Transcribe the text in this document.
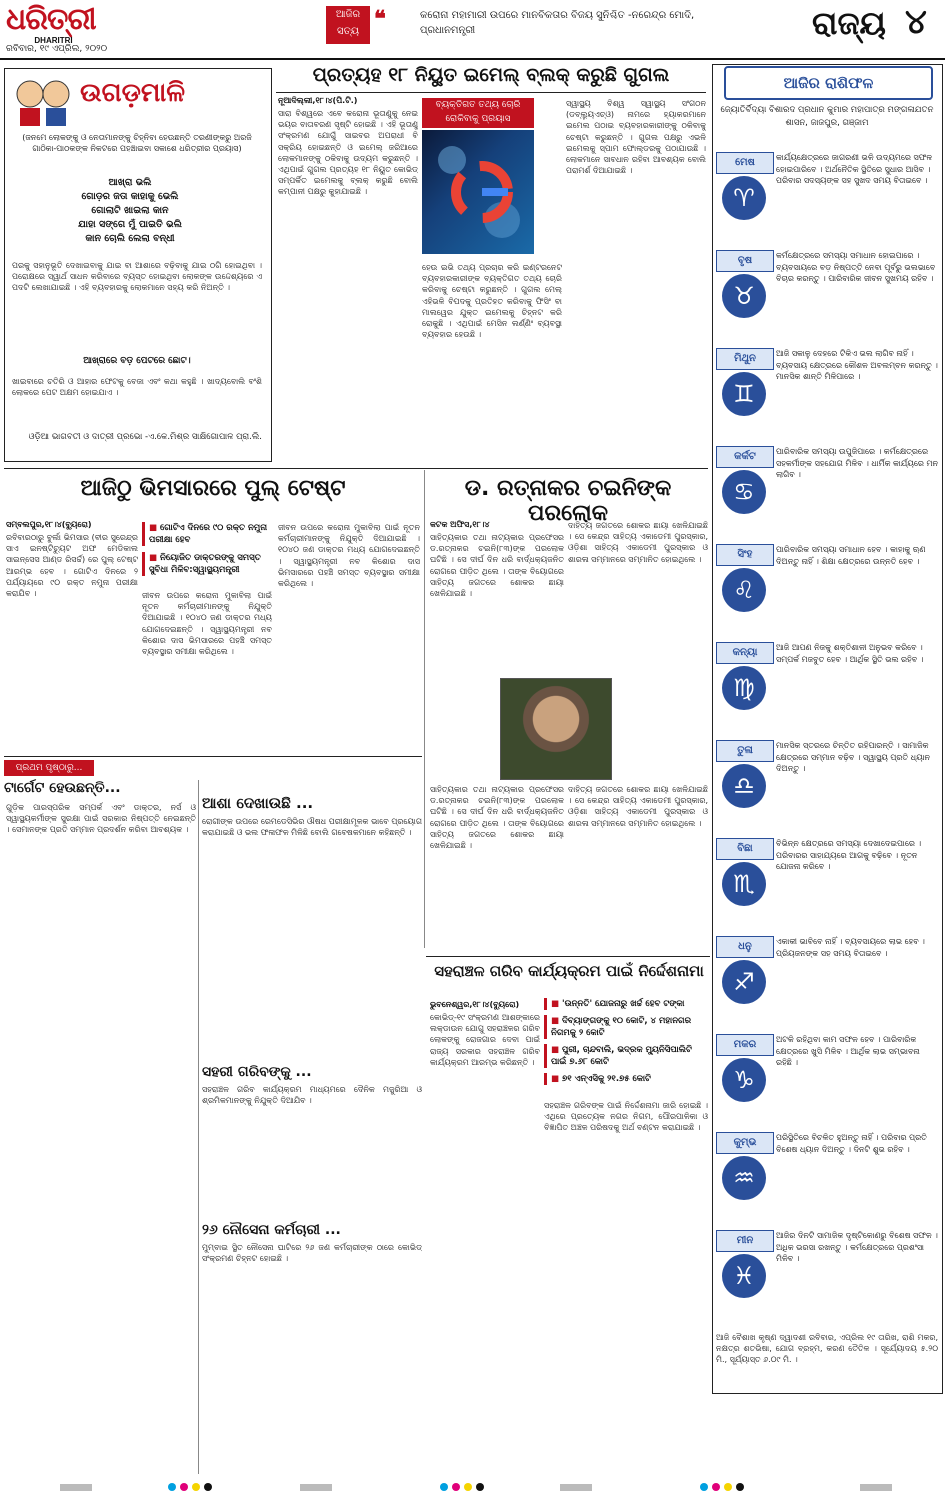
ଧରିତ୍ରୀ
DHARITRI
ରବିବାର, ୧୯ ଏପ୍ରିଲ, ୨୦୨୦
ଆଜିର ସତ୍ୟ ❝	କରୋନା ମହାମାରୀ ଉପରେ ମାନବିକତାର ବିଜୟ ସୁନିଶ୍ଚିତ -ନରେନ୍ଦ୍ର ମୋଦି, ପ୍ରଧାନମନ୍ତ୍ରୀ	ରାଜ୍ୟ ୪
ଉଗଡ଼ମାଳି
(ଜନମେ ଲୋକଙ୍କୁ ଓ ନେତାମାନଙ୍କୁ ଚିହ୍ନିବା ହେଉଛନ୍ତି ତରଣୀଙ୍କରୁ ଅରଜି ଗାଠିକା-ପାଠକଙ୍କ ନିକଟରେ ପହଞ୍ଚାଇବା ସକାଶେ ଧରିତ୍ରୀର ପ୍ରୟାସ)
ଆଖ୍ରା ଭଲି
ଗୋଡ଼ର ଜତା କାହାକୁ ଭେଲି
ଗୋଲାଟି ଖାଇଲା କାନ
ଯାହା ସଙ୍ଗେ ମୁଁ ପାଇତି ଭଲି
କାନ ଚୋଲି ଲେଲା ବନ୍ଧୀ
ପରକୁ ସହାନୁଭୂତି ଦେଖାଇବାକୁ ଯାଇ ବା ଆଶାରେ ବଢ଼ିବାକୁ ଯାଇ ଠଗି ହୋଇଥିବା । ପରୋକ୍ଷରେ ସ୍ୱାର୍ଥ ସାଧନ କରିବାରେ ବ୍ୟସ୍ତ ହୋଇଥିବା ଲୋକଙ୍କ ଉଦ୍ଦେଶ୍ୟରେ ଏ ପଦଟି ଲେଖାଯାଇଛି । ଏହି ବ୍ୟବହାରକୁ ଲୋକମାନେ ସହ୍ୟ କରି ନିଅନ୍ତି ।
ଆଖ୍ରାରେ ବଡ଼ ପେଟରେ ଛୋଟ।
ଖାଇବାରେ ଚତିରି ଓ ଆହାର ଫେଟକୁ ବେଜା ଏବଂ କଥା କହୁଛି । ଖାଦ୍ୟବୋଲି ବଂଶି ଲୋକରେ ପେଟ ଅକ୍ଷମ ହୋଇଯାଏ ।
ଓଡ଼ିଆ ଭାଗବତୀ ଓ ଦାତ୍ରୀ ପ୍ରଭୋ -ଏ.କେ.ମିଶ୍ର ସାକ୍ଷିଗୋପାଳ ପ୍ରା.ଲି.
ପ୍ରତ୍ୟହ ୧୮ ନିୟୁତ ଇମେଲ୍ ବ୍ଲକ୍ କରୁଛି ଗୁଗଲ
ନୂଆଦିଲ୍ଲୀ,୧୮।୪(ପି.ଟି.)
ସାରା ବିଶ୍ୱରେ ଏବେ କରୋନା ଭୂତାଣୁକୁ ନେଇ ଭୟର ବାତାବରଣ ସୃଷ୍ଟି ହୋଇଛି । ଏହି ଭୂତାଣୁ ସଂକ୍ରମଣ ଯୋଗୁଁ ସାଇବର ଅପରାଧୀ ବି ସକ୍ରିୟ ହୋଇଛନ୍ତି ଓ ଇମେଲ୍ ଜରିଆରେ ଲୋକମାନଙ୍କୁ ଠକିବାକୁ ଉଦ୍ୟମ କରୁଛନ୍ତି । ଏଥିପାଇଁ ଗୁଗଲ ପ୍ରତ୍ୟହ ୧୮ ନିୟୁତ କୋଭିଡ୍ ସମ୍ପର୍କିତ ଇମେଲକୁ ବ୍ଲକ୍ କରୁଛି ବୋଲି କମ୍ପାନୀ ପକ୍ଷରୁ କୁହାଯାଇଛି ।
ବ୍ୟକ୍ତିଗତ ତଥ୍ୟ ଚୋରି ରୋକିବାକୁ ପ୍ରୟାସ
ହେଉ ଇଭି ତଥ୍ୟ ପ୍ରଚାର କରି ଇଣ୍ଟରନେଟ ବ୍ୟବହାରକାରୀଙ୍କ ବ୍ୟକ୍ତିଗତ ତଥ୍ୟ ଚୋରି କରିବାକୁ ଚେଷ୍ଟା କରୁଛନ୍ତି । ଗୁଗଲ ମେଲ୍ ଏହିଭଳି ବିପଦକୁ ପ୍ରତିହତ କରିବାକୁ ଫିସିଂ ବା ମାଲୱେର ଯୁକ୍ତ ଇମେଲକୁ ଚିହ୍ନଟ କରି ରୋକୁଛି । ଏଥିପାଇଁ ମେସିନ ଲର୍ଣ୍ଣିଂ ବ୍ୟବସ୍ଥା ବ୍ୟବହାର ହେଉଛି ।
ସ୍ୱାସ୍ଥ୍ୟ ବିଶ୍ୱ ସ୍ୱାସ୍ଥ୍ୟ ସଂଗଠନ (ଡବ୍ଲ୍ୟୁଏଚ୍ଓ) ନାମରେ ହ୍ୟାକରମାନେ ଇମେଲ ପଠାଇ ବ୍ୟବହାରକାରୀଙ୍କୁ ଠକିବାକୁ ଚେଷ୍ଟା କରୁଛନ୍ତି । ଗୁଗଲ ପକ୍ଷରୁ ଏଭଳି ଇମେଲକୁ ସ୍ପାମ ଫୋଲ୍ଡରକୁ ପଠାଯାଉଛି । ଲୋକମାନେ ସାବଧାନ ରହିବା ଆବଶ୍ୟକ ବୋଲି ପରାମର୍ଶ ଦିଆଯାଇଛି ।
ଆଜିର ରାଶିଫଳ
ଜ୍ୟୋତିର୍ବିଦ୍ୟା ବିଶାରଦ ପ୍ରଧାନ କୁମାର ମହାପାତ୍ର ମଙ୍ଗଳାଯତନ ଶାସନ, ଜାଜପୁର, ଗଞ୍ଜାମ
ମେଷ
♈
କାର୍ଯ୍ୟକ୍ଷେତ୍ରରେ ଜାଗରଣୀ ଭଳି ଉଦ୍ୟମରେ ସଫଳ ହୋଇପାରିବେ । ଅର୍ଥନୈତିକ ସ୍ଥିତିରେ ସୁଧାର ଆସିବ । ପରିବାର ସଦସ୍ୟଙ୍କ ସହ ସୁଖଦ ସମୟ ବିତାଇବେ ।
ବୃଷ
♉
କର୍ମକ୍ଷେତ୍ରରେ ସମସ୍ୟା ସମାଧାନ ହୋଇପାରେ । ବ୍ୟବସାୟରେ ବଡ଼ ନିଷ୍ପତ୍ତି ନେବା ପୂର୍ବରୁ ଭଲଭାବେ ବିଚାର କରନ୍ତୁ । ପାରିବାରିକ ଜୀବନ ସୁଖମୟ ରହିବ ।
ମିଥୁନ
♊
ଆଜି ସକାଳୁ ଦେହରେ ଟିକିଏ ଭଲ ଲାଗିବ ନାହିଁ । ବ୍ୟବସାୟ କ୍ଷେତ୍ରରେ କୌଶଳ ଅବଲମ୍ବନ କରନ୍ତୁ । ମାନସିକ ଶାନ୍ତି ମିଳିପାରେ ।
କର୍କଟ
♋
ପାରିବାରିକ ସମସ୍ୟା ଉପୁଜିପାରେ । କର୍ମକ୍ଷେତ୍ରରେ ସହକର୍ମୀଙ୍କ ସହଯୋଗ ମିଳିବ । ଧାର୍ମିକ କାର୍ଯ୍ୟରେ ମନ ଲାଗିବ ।
ସିଂହ
♌
ପାରିବାରିକ ସମସ୍ୟା ସମାଧାନ ହେବ । କାହାକୁ ଋଣ ଦିଅନ୍ତୁ ନାହିଁ । ଶିକ୍ଷା କ୍ଷେତ୍ରରେ ଉନ୍ନତି ହେବ ।
କନ୍ୟା
♍
ଆଜି ଆପଣ ନିଜକୁ ଶକ୍ତିଶାଳୀ ଅନୁଭବ କରିବେ । ସମ୍ପର୍କ ମଜବୁତ ହେବ । ଆର୍ଥିକ ସ୍ଥିତି ଭଲ ରହିବ ।
ତୁଳା
♎
ମାନସିକ ସ୍ତରରେ ଚିନ୍ତିତ ରହିପାରନ୍ତି । ସାମାଜିକ କ୍ଷେତ୍ରରେ ସମ୍ମାନ ବଢ଼ିବ । ସ୍ୱାସ୍ଥ୍ୟ ପ୍ରତି ଧ୍ୟାନ ଦିଅନ୍ତୁ ।
ବିଛା
♏
ବିଭିନ୍ନ କ୍ଷେତ୍ରରେ ସମସ୍ୟା ଦେଖାଦେଇପାରେ । ପରିବାରର ସାହାଯ୍ୟରେ ଆଗକୁ ବଢ଼ିବେ । ନୂତନ ଯୋଜନା କରିବେ ।
ଧନୁ
♐
ଏକାକୀ ଭାବିବେ ନାହିଁ । ବ୍ୟବସାୟରେ ଲାଭ ହେବ । ପ୍ରିୟଜନଙ୍କ ସହ ସମୟ ବିତାଇବେ ।
ମକର
♑
ଅଟକି ରହିଥିବା କାମ ସଫଳ ହେବ । ପାରିବାରିକ କ୍ଷେତ୍ରରେ ଖୁସି ମିଳିବ । ଆର୍ଥିକ ଲାଭ ସମ୍ଭାବନା ରହିଛି ।
କୁମ୍ଭ
♒
ପରିସ୍ଥିତିରେ ବିଚଳିତ ହୁଅନ୍ତୁ ନାହିଁ । ପରିବାର ପ୍ରତି ବିଶେଷ ଧ୍ୟାନ ଦିଅନ୍ତୁ । ଦିନଟି ଶୁଭ ରହିବ ।
ମୀନ
♓
ଆଜିର ଦିନଟି ସାମାଜିକ ଦୃଷ୍ଟିକୋଣରୁ ବିଶେଷ ସଫଳ । ଅଧିକ ଭରସା ରଖନ୍ତୁ । କର୍ମକ୍ଷେତ୍ରରେ ପ୍ରଶଂସା ମିଳିବ ।
ଆଜି ବୈଶାଖ କୃଷ୍ଣ ଦ୍ୱାଦଶୀ ରବିବାର, ଏପ୍ରିଲ ୧୯ ତାରିଖ, ରାଶି ମକର, ନକ୍ଷତ୍ର ଶତଭିଷା, ଯୋଗ ବ୍ରହ୍ମ, କରଣ ତୈତିଳ । ସୂର୍ଯ୍ୟୋଦୟ ୫.୨୦ ମି., ସୂର୍ଯ୍ୟାସ୍ତ ୬.୦୯ ମି. ।
ଆଜିଠୁ ଭିମସାରରେ ପୁଲ୍ ଟେଷ୍ଟ
ସମ୍ବଲପୁର,୧୮।୪(ବ୍ୟୁରୋ)
ରବିବାରଠାରୁ ବୁର୍ଲା ଭିମସାର (ବୀର ସୁରେନ୍ଦ୍ର ସାଏ ଇନଷ୍ଟିଚ୍ୟୁଟ ଅଫ ମେଡିକାଲ ସାଇନ୍ସେସ ଆଣ୍ଡ ରିସର୍ଚ୍ଚ) ରେ ପୁଲ୍ ଟେଷ୍ଟ ଆରମ୍ଭ ହେବ । ଗୋଟିଏ ଦିନରେ ୨ ପର୍ଯ୍ୟାୟରେ ୯୦ ରକ୍ତ ନମୁନା ପରୀକ୍ଷା କରାଯିବ ।
■ ଗୋଟିଏ ଦିନରେ ୯୦ ରକ୍ତ ନମୁନା ପରୀକ୍ଷା ହେବ
■ ନିୟୋଜିତ ଡାକ୍ତରଙ୍କୁ ସମସ୍ତ ସୁବିଧା ମିଳିବ:ସ୍ୱାସ୍ଥ୍ୟମନ୍ତ୍ରୀ
ଜୀବନ ଉପରେ କରୋନା ମୁକାବିଲା ପାଇଁ ନୂତନ କର୍ମଚାରୀମାନଙ୍କୁ ନିଯୁକ୍ତି ଦିଆଯାଇଛି । ୧୦୪୦ ଜଣ ଡାକ୍ତର ମଧ୍ୟ ଯୋଗଦେଇଛନ୍ତି । ସ୍ୱାସ୍ଥ୍ୟମନ୍ତ୍ରୀ ନବ କିଶୋର ଦାସ ଭିମସାରରେ ପହଞ୍ଚି ସମସ୍ତ ବ୍ୟବସ୍ଥାର ସମୀକ୍ଷା କରିଥିଲେ ।
ଜୀବନ ଉପରେ କରୋନା ମୁକାବିଲା ପାଇଁ ନୂତନ କର୍ମଚାରୀମାନଙ୍କୁ ନିଯୁକ୍ତି ଦିଆଯାଇଛି । ୧୦୪୦ ଜଣ ଡାକ୍ତର ମଧ୍ୟ ଯୋଗଦେଇଛନ୍ତି । ସ୍ୱାସ୍ଥ୍ୟମନ୍ତ୍ରୀ ନବ କିଶୋର ଦାସ ଭିମସାରରେ ପହଞ୍ଚି ସମସ୍ତ ବ୍ୟବସ୍ଥାର ସମୀକ୍ଷା କରିଥିଲେ ।
ଡ. ରତ୍ନାକର ଚଇନିଙ୍କ ପରଲୋକ
କଟକ ଅଫିସ,୧୮।୪
ସାହିତ୍ୟକାର ତଥା ନାଟ୍ୟକାର ପ୍ରଫେସର ଡ.ରତ୍ନାକର ଚଇନି(୮୩)ଙ୍କ ପରଲୋକ ଘଟିଛି । ସେ ଦୀର୍ଘ ଦିନ ଧରି ବାର୍ଦ୍ଧକ୍ୟଜନିତ ରୋଗରେ ପୀଡ଼ିତ ଥିଲେ । ତାଙ୍କ ବିୟୋଗରେ ସାହିତ୍ୟ ଜଗତରେ ଶୋକର ଛାୟା ଖେଳିଯାଇଛି ।
ଦାହିତ୍ୟ ଜଗତରେ ଶୋକର ଛାୟା ଖେଳିଯାଇଛି । ସେ କେନ୍ଦ୍ର ସାହିତ୍ୟ ଏକାଡେମୀ ପୁରସ୍କାର, ଓଡ଼ିଶା ସାହିତ୍ୟ ଏକାଡେମୀ ପୁରସ୍କାର ଓ ଶାରଳା ସମ୍ମାନରେ ସମ୍ମାନିତ ହୋଇଥିଲେ ।
ସାହିତ୍ୟକାର ତଥା ନାଟ୍ୟକାର ପ୍ରଫେସର ଡ.ରତ୍ନାକର ଚଇନି(୮୩)ଙ୍କ ପରଲୋକ ଘଟିଛି । ସେ ଦୀର୍ଘ ଦିନ ଧରି ବାର୍ଦ୍ଧକ୍ୟଜନିତ ରୋଗରେ ପୀଡ଼ିତ ଥିଲେ । ତାଙ୍କ ବିୟୋଗରେ ସାହିତ୍ୟ ଜଗତରେ ଶୋକର ଛାୟା ଖେଳିଯାଇଛି ।
ଦାହିତ୍ୟ ଜଗତରେ ଶୋକର ଛାୟା ଖେଳିଯାଇଛି । ସେ କେନ୍ଦ୍ର ସାହିତ୍ୟ ଏକାଡେମୀ ପୁରସ୍କାର, ଓଡ଼ିଶା ସାହିତ୍ୟ ଏକାଡେମୀ ପୁରସ୍କାର ଓ ଶାରଳା ସମ୍ମାନରେ ସମ୍ମାନିତ ହୋଇଥିଲେ ।
ପ୍ରଥମ ପୃଷ୍ଠାରୁ...
ଟାର୍ଗେଟ ହେଉଛନ୍ତି...
ଗୁଡ଼ିକ ପାରସ୍ପରିକ ସମ୍ପର୍କ ଏବଂ ଡାକ୍ତର, ନର୍ସ ଓ ସ୍ୱାସ୍ଥ୍ୟକର୍ମୀଙ୍କ ସୁରକ୍ଷା ପାଇଁ ସରକାର ନିଷ୍ପତ୍ତି ନେଇଛନ୍ତି । ସେମାନଙ୍କ ପ୍ରତି ସମ୍ମାନ ପ୍ରଦର୍ଶନ କରିବା ଆବଶ୍ୟକ ।
ଆଶା ଦେଖାଉଛି ...
ରୋଗୀଙ୍କ ଉପରେ ରେମଡେସିଭିର ଔଷଧ ପରୀକ୍ଷାମୂଳକ ଭାବେ ପ୍ରୟୋଗ କରାଯାଇଛି ଓ ଭଲ ଫଳାଫଳ ମିଳିଛି ବୋଲି ଗବେଷକମାନେ କହିଛନ୍ତି ।
ସହରୀ ଗରିବଙ୍କୁ ...
ସହରାଞ୍ଚଳ ଗରିବ କାର୍ଯ୍ୟକ୍ରମ ମାଧ୍ୟମରେ ଦୈନିକ ମଜୁରିଆ ଓ ଶ୍ରମିକମାନଙ୍କୁ ନିଯୁକ୍ତି ଦିଆଯିବ ।
୨୬ ନୌସେନା କର୍ମଚାରୀ ...
ମୁମ୍ବାଇ ସ୍ଥିତ ନୌସେନା ଘାଟିରେ ୨୬ ଜଣ କର୍ମଚାରୀଙ୍କ ଠାରେ କୋଭିଡ୍ ସଂକ୍ରମଣ ଚିହ୍ନଟ ହୋଇଛି ।
ସହରାଞ୍ଚଳ ଗରିବ କାର୍ଯ୍ୟକ୍ରମ ପାଇଁ ନିର୍ଦ୍ଦେଶନାମା
ଭୁବନେଶ୍ୱର,୧୮।୪(ବ୍ୟୁରୋ)
କୋଭିଡ୍-୧୯ ସଂକ୍ରମଣ ଆଶଙ୍କାରେ ଲକ୍ଡାଉନ ଯୋଗୁ ସହରାଞ୍ଚଳର ଗରିବ ଲୋକଙ୍କୁ ରୋଜଗାର ଦେବା ପାଇଁ ରାଜ୍ୟ ସରକାର ସହରାଞ୍ଚଳ ଗରିବ କାର୍ଯ୍ୟକ୍ରମ ଆରମ୍ଭ କରିଛନ୍ତି ।
■ 'ଉନ୍ନତି' ଯୋଜନାରୁ ଖର୍ଚ୍ଚ ହେବ ଟଙ୍କା
■ ଦିବ୍ୟାଙ୍ଗଙ୍କୁ ୧୦ କୋଟି, ୪ ମହାନଗର ନିଗମକୁ ୨ କୋଟି
■ ପୁରୀ, ଚାନ୍ଦବାଲି, ଭଦ୍ରକ ମ୍ୟୁନିସିପାଲିଟି ପାଇଁ ୭.୬୮ କୋଟି
■ ୭୧ ଏନ୍ଏସିକୁ ୨୧.୭୫ କୋଟି
ସହରାଞ୍ଚଳ ଗରିବଙ୍କ ପାଇଁ ନିର୍ଦ୍ଦେଶନାମା ଜାରି ହୋଇଛି । ଏଥିରେ ପ୍ରତ୍ୟେକ ନଗର ନିଗମ, ପୌରପାଳିକା ଓ ବିଜ୍ଞାପିତ ଅଞ୍ଚଳ ପରିଷଦକୁ ଅର୍ଥ ବଣ୍ଟନ କରାଯାଇଛି ।
